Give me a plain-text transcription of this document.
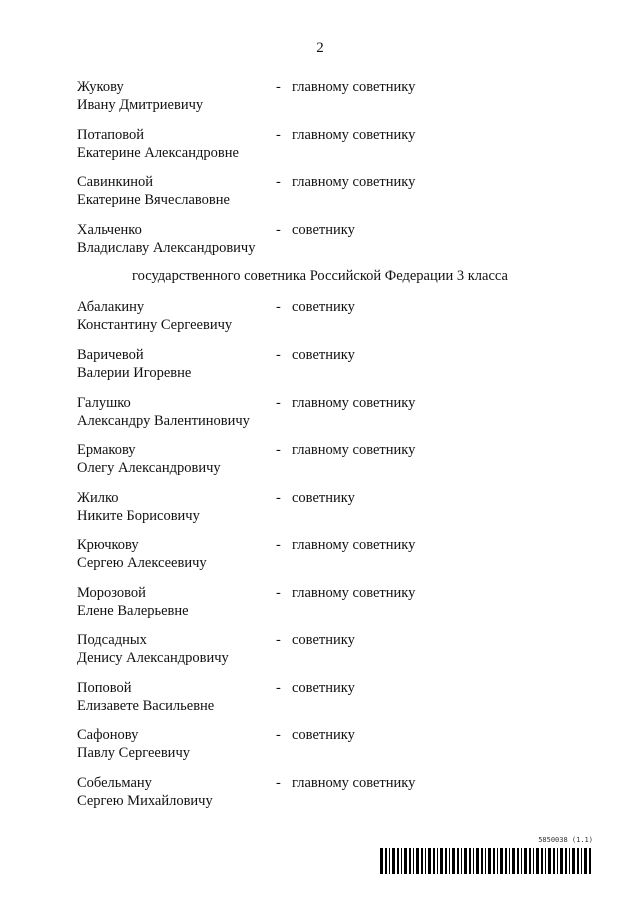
2
Жукову
Ивану Дмитриевичу
- главному советнику
Потаповой
Екатерине Александровне
- главному советнику
Савинкиной
Екатерине Вячеславовне
- главному советнику
Хальченко
Владиславу Александровичу
- советнику
государственного советника Российской Федерации 3 класса
Абалакину
Константину Сергеевичу
- советнику
Варичевой
Валерии Игоревне
- советнику
Галушко
Александру Валентиновичу
- главному советнику
Ермакову
Олегу Александровичу
- главному советнику
Жилко
Никите Борисовичу
- советнику
Крючкову
Сергею Алексеевичу
- главному советнику
Морозовой
Елене Валерьевне
- главному советнику
Подсадных
Денису Александровичу
- советнику
Поповой
Елизавете Васильевне
- советнику
Сафонову
Павлу Сергеевичу
- советнику
Собельману
Сергею Михайловичу
- главному советнику
5850038 (1.1)
